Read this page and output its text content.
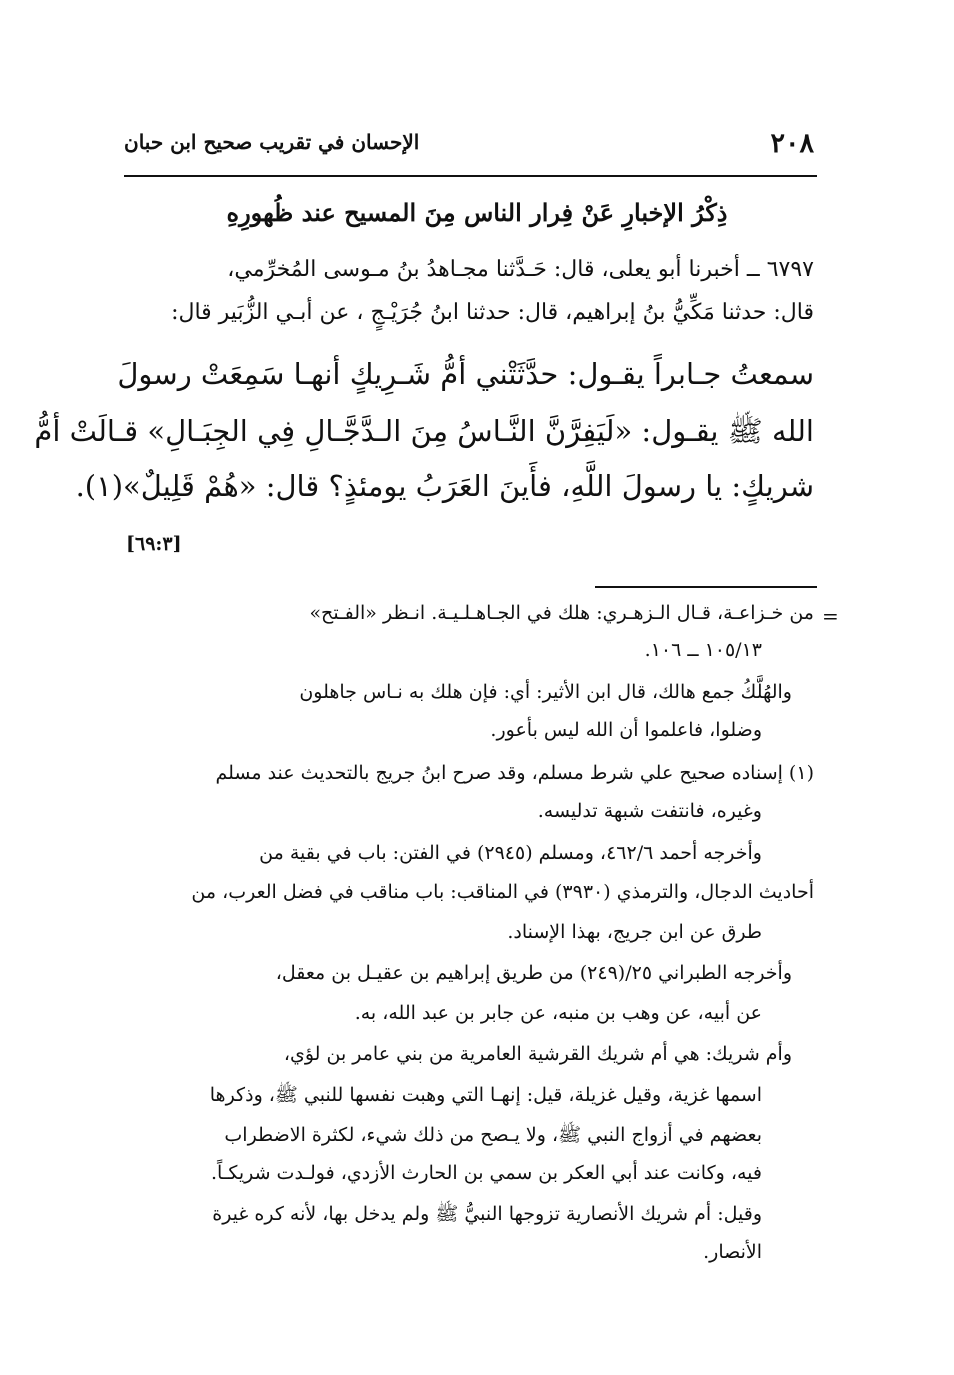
٢٠٨
الإحسان في تقريب صحيح ابن حبان
ذِكْرُ الإخبارِ عَنْ فِرار الناس مِنَ المسيح عند ظُهورِهِ
٦٧٩٧ ــ أخبرنا أبو يعلى، قال: حَـدَّثنا مجـاهدُ بنُ مـوسى المُخرِّمي،
قال: حدثنا مَكِّيُّ بنُ إبراهيم، قال: حدثنا ابنُ جُرَيْـجٍ ، عن أبـي الزُّبَير قال:
سمعتُ جـابراً يقـول: حدَّثَتْني أمُّ شَـرِيكٍ أنهـا سَمِعَتْ رسولَ
الله ﷺ يقـول: «لَيَفِرَّنَّ النَّـاسُ مِنَ الـدَّجَّـالِ فِي الجِبَـالِ» قـالَتْ أمُّ
شريكٍ: يا رسولَ اللَّهِ، فأَينَ العَرَبُ يومئذٍ؟ قال: «هُمْ قَلِيلٌ»(١).
[٦٩:٣]
=
من خـزاعـة، قـال الـزهـري: هلك في الجـاهـلـيـة. انـظر «الفـتح»
١٠٥/١٣ ــ ١٠٦.
والهُلَّكُ جمع هالك، قال ابن الأثير: أي: فإن هلك به نـاس جاهلون
وضلوا، فاعلموا أن الله ليس بأعور.
(١) إسناده صحيح علي شرط مسلم، وقد صرح ابنُ جريج بالتحديث عند مسلم
وغيره، فانتفت شبهة تدليسه.
وأخرجه أحمد ٤٦٢/٦، ومسلم (٢٩٤٥) في الفتن: باب في بقية من
أحاديث الدجال، والترمذي (٣٩٣٠) في المناقب: باب مناقب في فضل العرب، من
طرق عن ابن جريج، بهذا الإسناد.
وأخرجه الطبراني ٢٥/(٢٤٩) من طريق إبراهيم بن عقيـل بن معقل،
عن أبيه، عن وهب بن منبه، عن جابر بن عبد الله، به.
وأم شريك: هي أم شريك القرشية العامرية من بني عامر بن لؤي،
اسمها غزية، وقيل غزيلة، قيل: إنهـا التي وهبت نفسها للنبي ﷺ، وذكرها
بعضهم في أزواج النبي ﷺ، ولا يـصح من ذلك شيء، لكثرة الاضطراب
فيه، وكانت عند أبي العكر بن سمي بن الحارث الأزدي، فولـدت شريكـاً.
وقيل: أم شريك الأنصارية تزوجها النبيُّ ﷺ ولم يدخل بها، لأنه كره غيرة
الأنصار.
